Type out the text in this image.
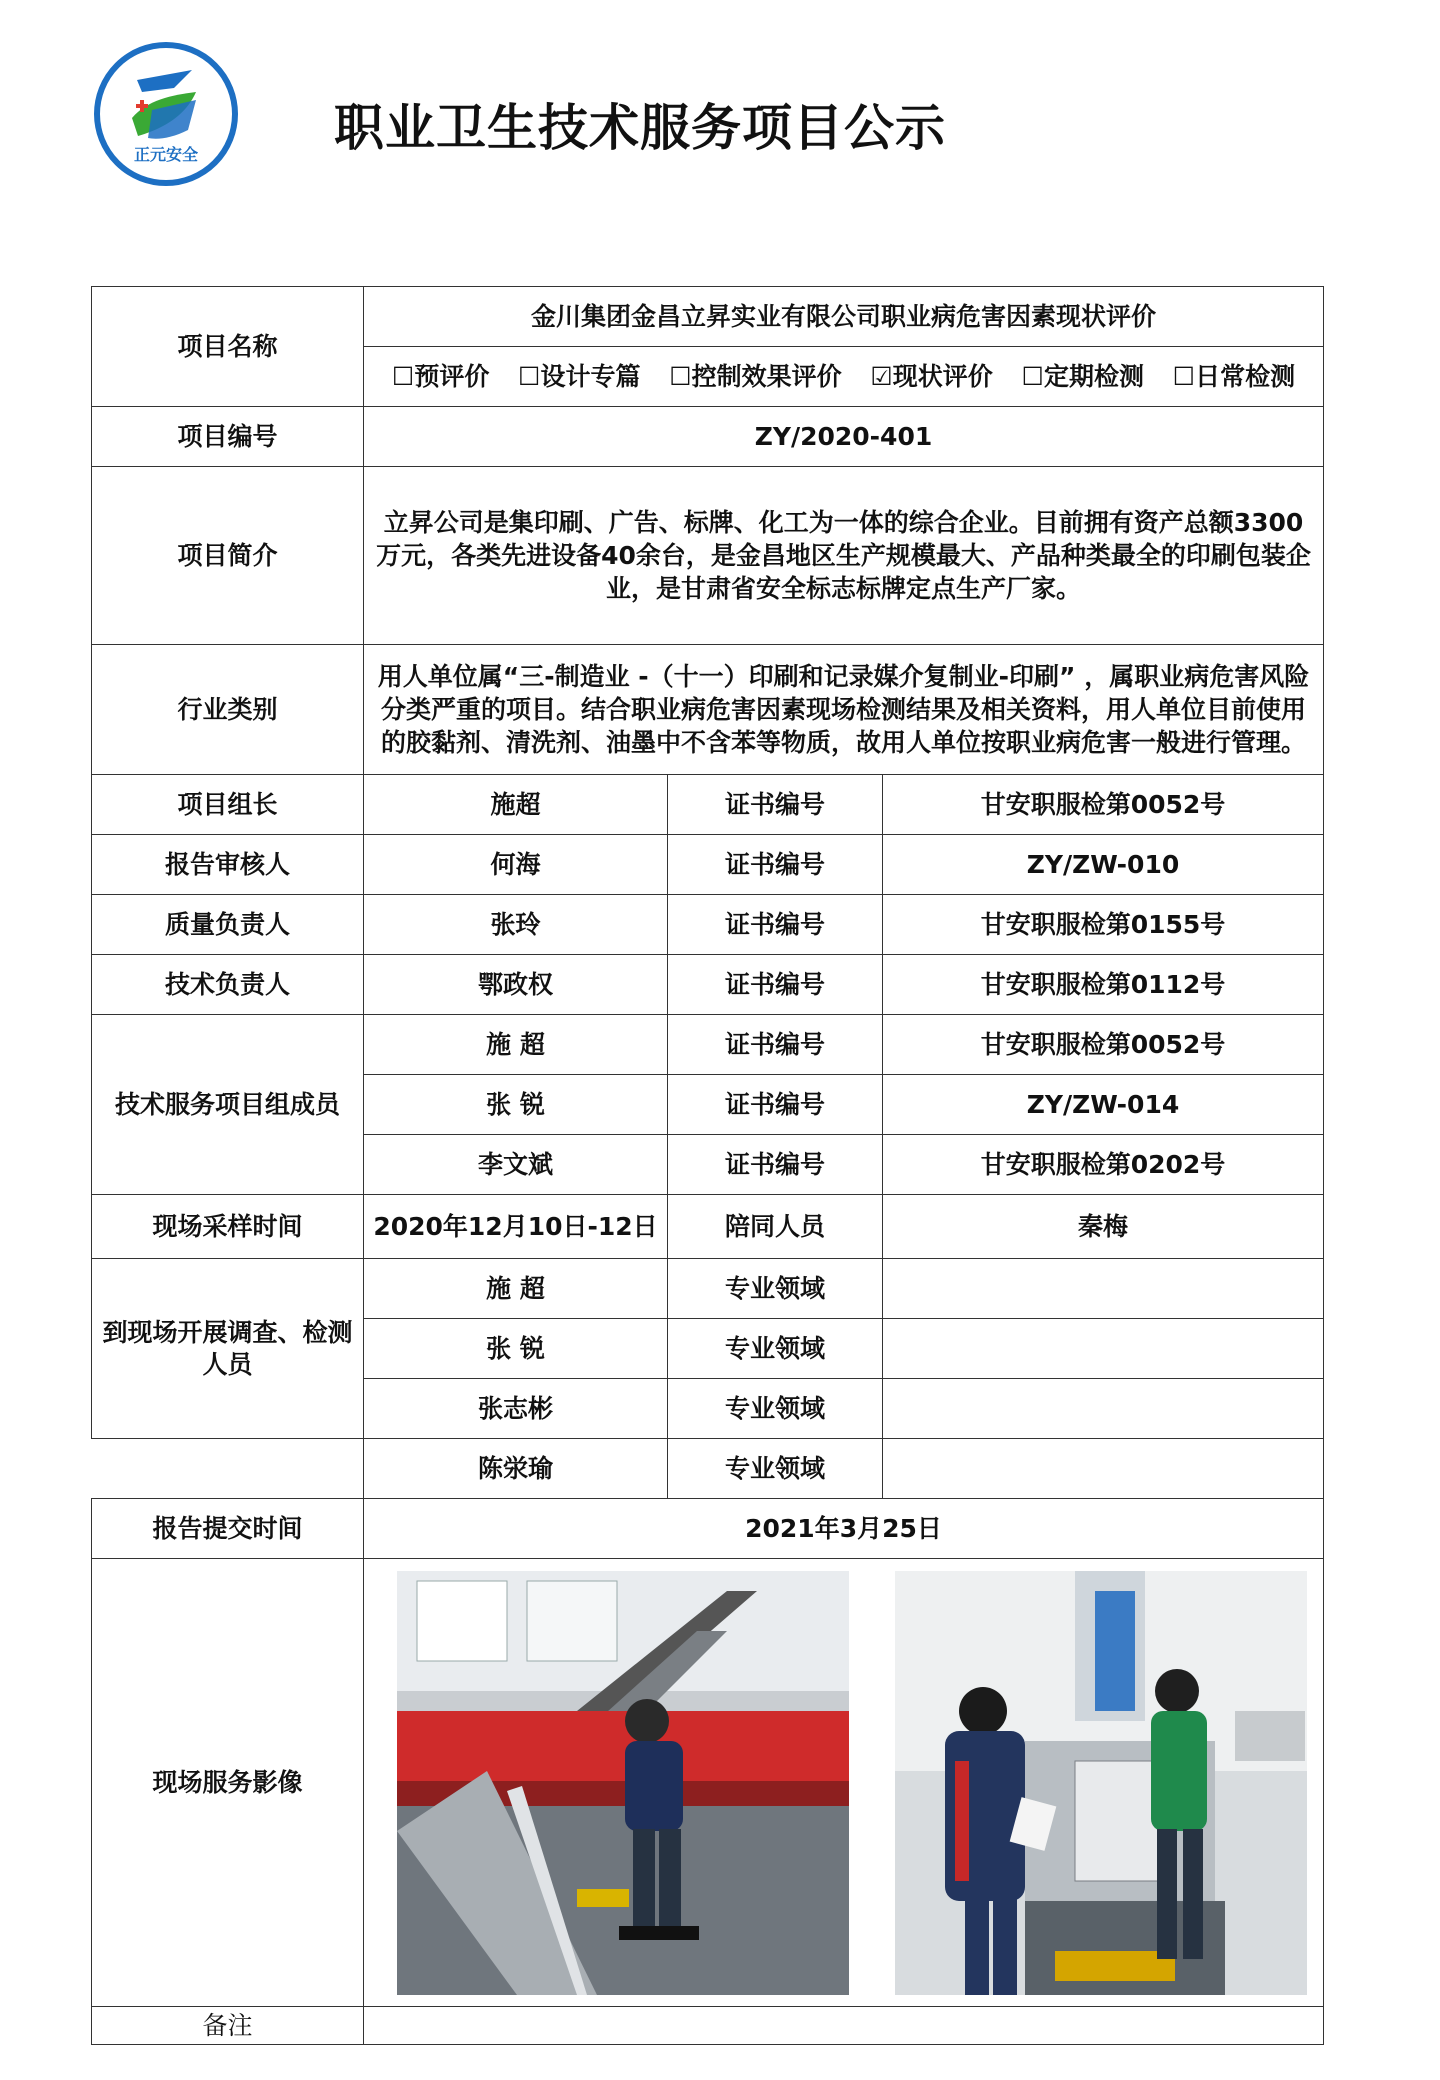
正元安全	职业卫生技术服务项目公示
项目名称	金川集团金昌立昇实业有限公司职业病危害因素现状评价		
	☐预评价 ☐设计专篇 ☐控制效果评价 ☑现状评价 ☐定期检测 ☐日常检测		
项目编号	ZY/2020-401		
项目简介	立昇公司是集印刷、广告、标牌、化工为一体的综合企业。目前拥有资产总额3300万元，各类先进设备40余台，是金昌地区生产规模最大、产品种类最全的印刷包装企业，是甘肃省安全标志标牌定点生产厂家。		
行业类别	用人单位属“三-制造业 -（十一）印刷和记录媒介复制业-印刷” ，属职业病危害风险分类严重的项目。结合职业病危害因素现场检测结果及相关资料，用人单位目前使用的胶黏剂、清洗剂、油墨中不含苯等物质，故用人单位按职业病危害一般进行管理。		
项目组长	施超	证书编号	甘安职服检第0052号
报告审核人	何海	证书编号	ZY/ZW-010
质量负责人	张玲	证书编号	甘安职服检第0155号
技术负责人	鄂政权	证书编号	甘安职服检第0112号
技术服务项目组成员	施 超	证书编号	甘安职服检第0052号
	张 锐	证书编号	ZY/ZW-014
	李文斌	证书编号	甘安职服检第0202号
现场采样时间	2020年12月10日-12日	陪同人员	秦梅
到现场开展调查、检测人员	施 超	专业领域	
	张 锐	专业领域	
	张志彬	专业领域	
	陈泶瑜	专业领域	
报告提交时间	2021年3月25日		
现场服务影像	
备注			
